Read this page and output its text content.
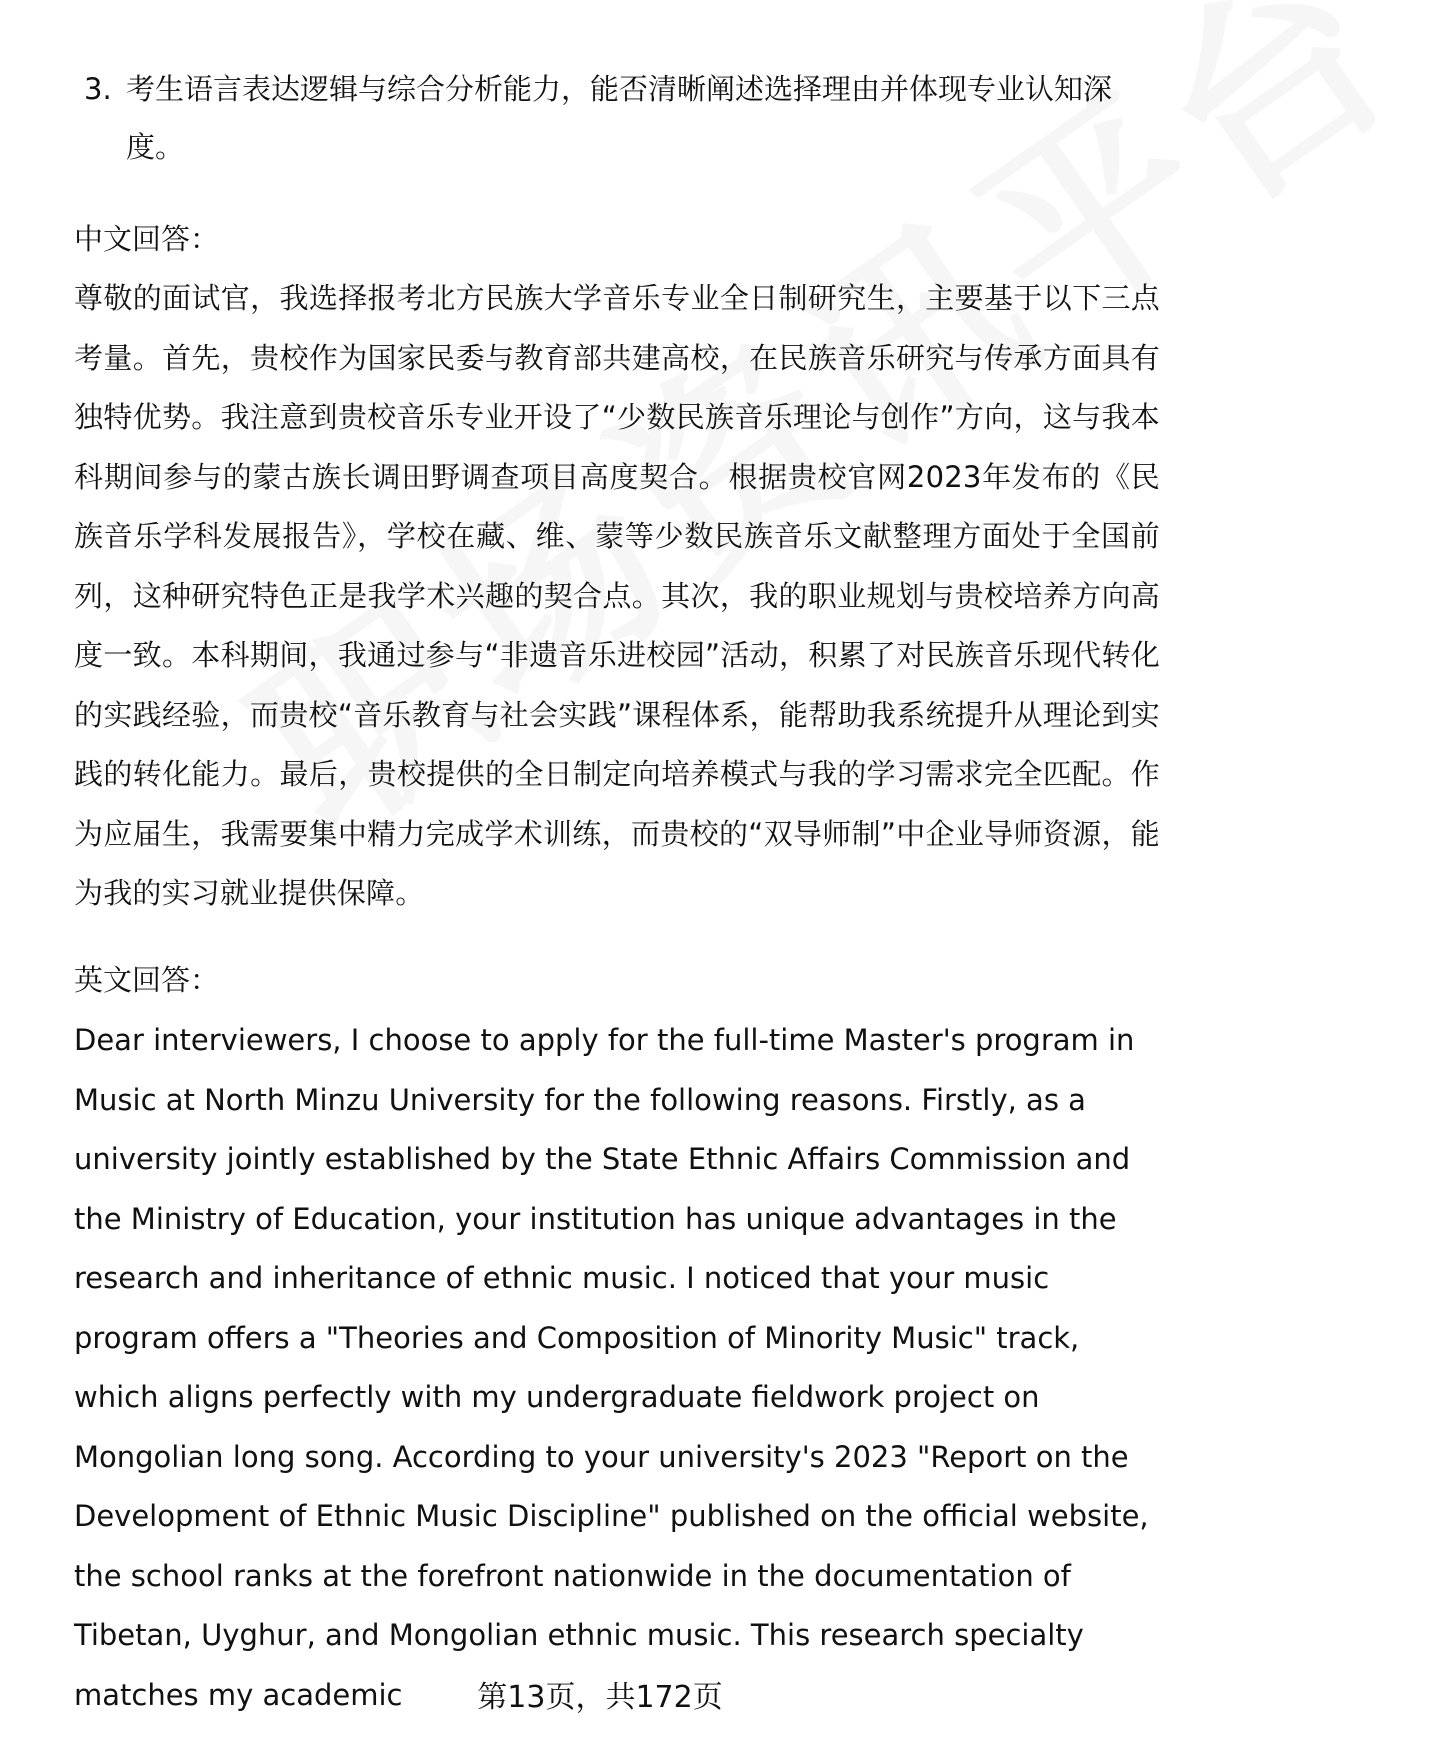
3. 考生语言表达逻辑与综合分析能力，能否清晰阐述选择理由并体现专业认知深度。
中文回答：
尊敬的面试官，我选择报考北方民族大学音乐专业全日制研究生，主要基于以下三点考量。首先，贵校作为国家民委与教育部共建高校，在民族音乐研究与传承方面具有独特优势。我注意到贵校音乐专业开设了“少数民族音乐理论与创作”方向，这与我本科期间参与的蒙古族长调田野调查项目高度契合。根据贵校官网2023年发布的《民族音乐学科发展报告》，学校在藏、维、蒙等少数民族音乐文献整理方面处于全国前列，这种研究特色正是我学术兴趣的契合点。其次，我的职业规划与贵校培养方向高度一致。本科期间，我通过参与“非遗音乐进校园”活动，积累了对民族音乐现代转化的实践经验，而贵校“音乐教育与社会实践”课程体系，能帮助我系统提升从理论到实践的转化能力。最后，贵校提供的全日制定向培养模式与我的学习需求完全匹配。作为应届生，我需要集中精力完成学术训练，而贵校的“双导师制”中企业导师资源，能为我的实习就业提供保障。
英文回答：
Dear interviewers, I choose to apply for the full-time Master's program in Music at North Minzu University for the following reasons. Firstly, as a university jointly established by the State Ethnic Affairs Commission and the Ministry of Education, your institution has unique advantages in the research and inheritance of ethnic music. I noticed that your music program offers a "Theories and Composition of Minority Music" track, which aligns perfectly with my undergraduate fieldwork project on Mongolian long song. According to your university's 2023 "Report on the Development of Ethnic Music Discipline" published on the official website, the school ranks at the forefront nationwide in the documentation of Tibetan, Uyghur, and Mongolian ethnic music. This research specialty matches my academic	第13页，共172页
